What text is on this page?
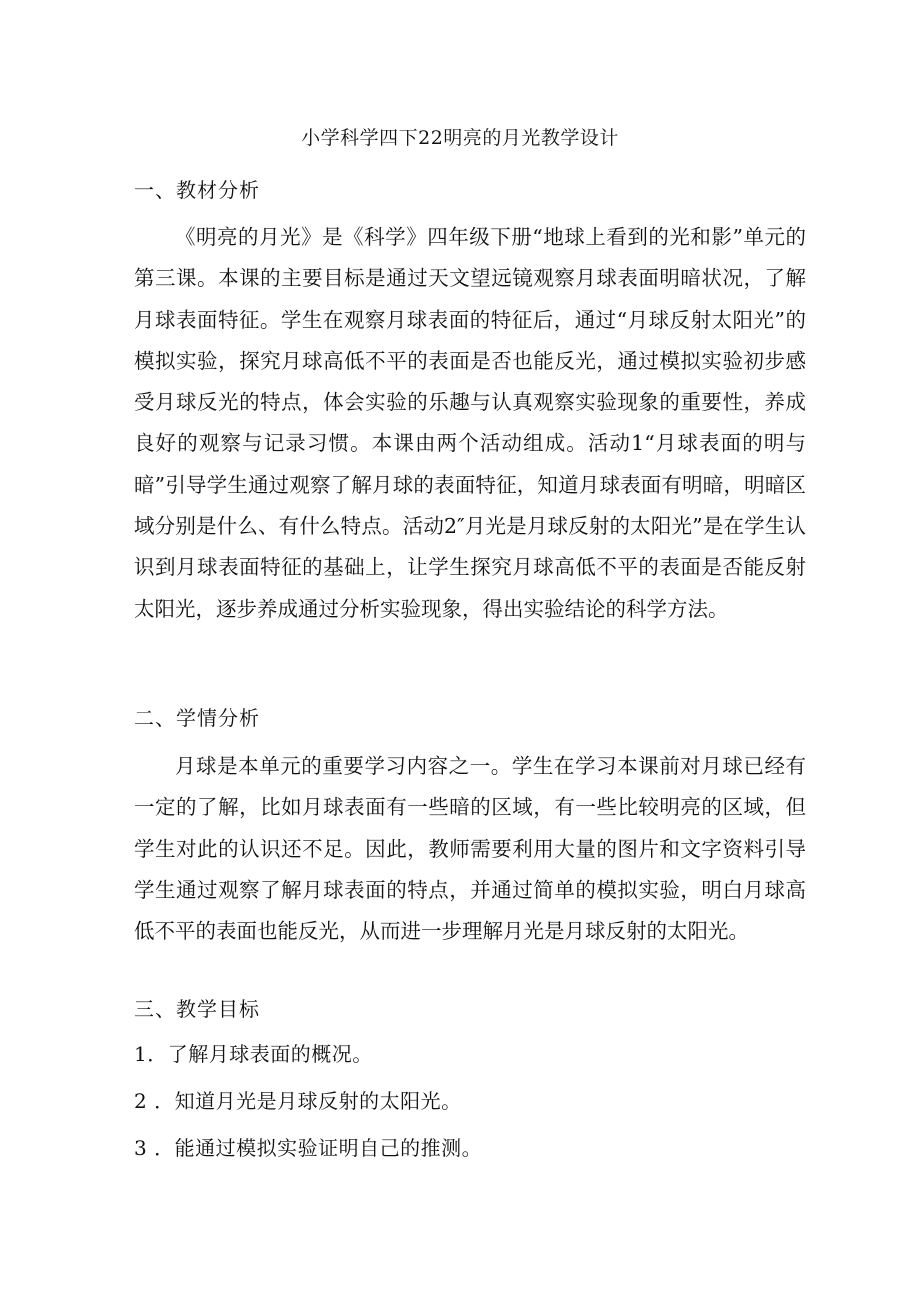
小学科学四下22明亮的月光教学设计
一、教材分析

《明亮的月光》是《科学》四年级下册“地球上看到的光和影”单元的第三课。本课的主要目标是通过天文望远镜观察月球表面明暗状况，了解月球表面特征。学生在观察月球表面的特征后，通过“月球反射太阳光”的模拟实验，探究月球高低不平的表面是否也能反光，通过模拟实验初步感受月球反光的特点，体会实验的乐趣与认真观察实验现象的重要性，养成良好的观察与记录习惯。本课由两个活动组成。活动1“月球表面的明与暗”引导学生通过观察了解月球的表面特征，知道月球表面有明暗，明暗区域分别是什么、有什么特点。活动2″月光是月球反射的太阳光”是在学生认识到月球表面特征的基础上，让学生探究月球高低不平的表面是否能反射太阳光，逐步养成通过分析实验现象，得出实验结论的科学方法。

二、学情分析

月球是本单元的重要学习内容之一。学生在学习本课前对月球已经有一定的了解，比如月球表面有一些暗的区域，有一些比较明亮的区域，但学生对此的认识还不足。因此，教师需要利用大量的图片和文字资料引导学生通过观察了解月球表面的特点，并通过简单的模拟实验，明白月球高低不平的表面也能反光，从而进一步理解月光是月球反射的太阳光。

三、教学目标
1．了解月球表面的概况。
2 ．知道月光是月球反射的太阳光。
3 ．能通过模拟实验证明自己的推测。
